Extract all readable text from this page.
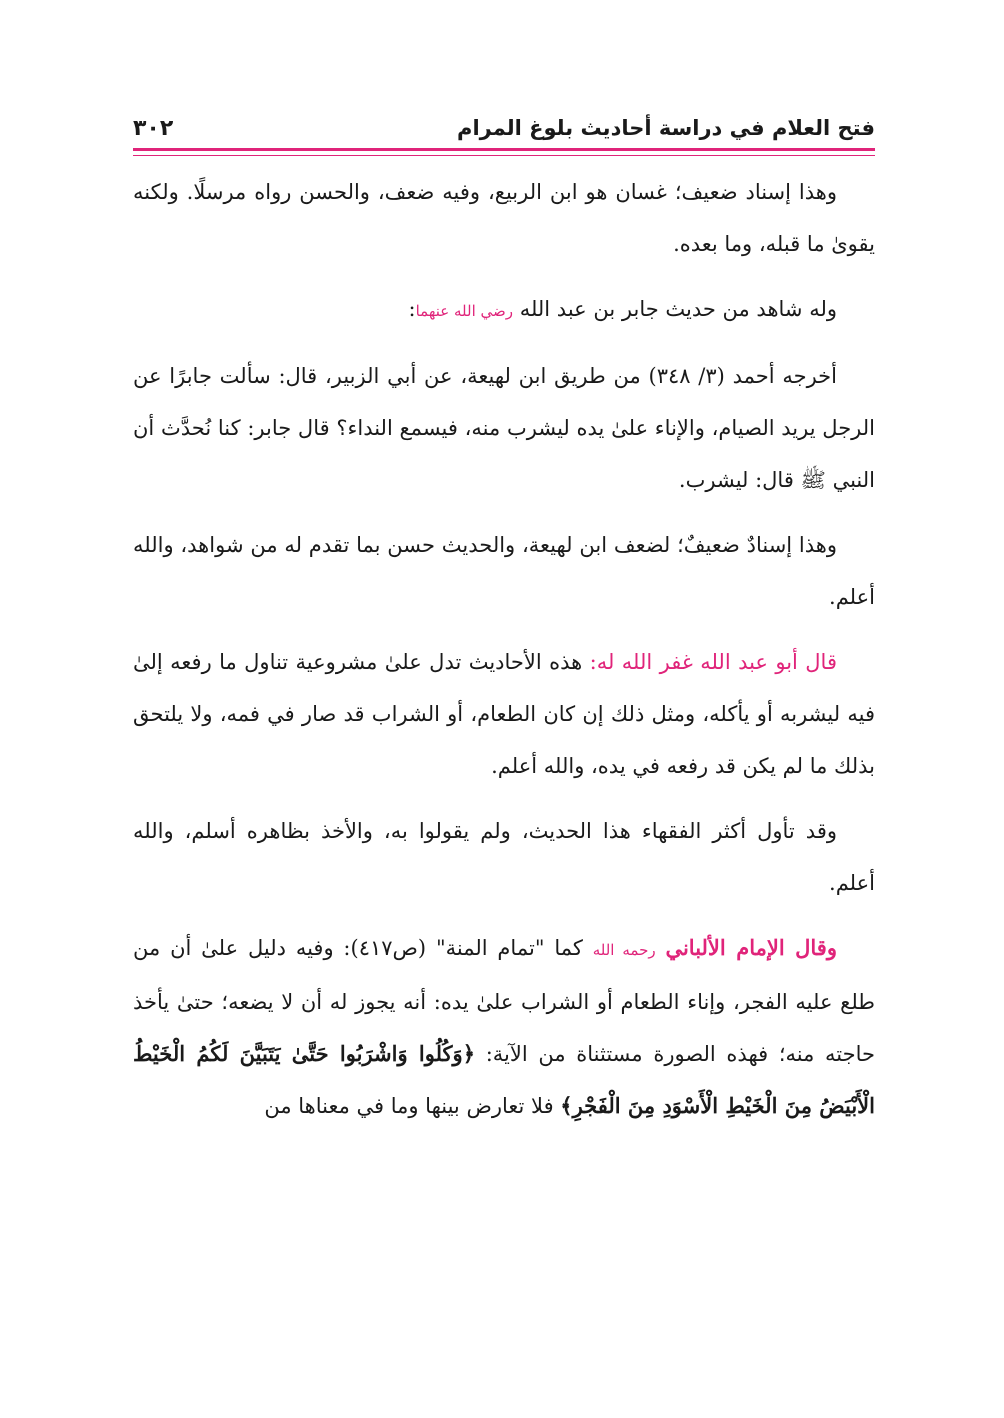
٣٠٢	فتح العلام في دراسة أحاديث بلوغ المرام

وهذا إسناد ضعيف؛ غسان هو ابن الربيع، وفيه ضعف، والحسن رواه مرسلًا. ولكنه يقوىٰ ما قبله، وما بعده.

وله شاهد من حديث جابر بن عبد الله رضي الله عنهما:

أخرجه أحمد (٣/ ٣٤٨) من طريق ابن لهيعة، عن أبي الزبير، قال: سألت جابرًا عن الرجل يريد الصيام، والإناء علىٰ يده ليشرب منه، فيسمع النداء؟ قال جابر: كنا نُحدَّث أن النبي ﷺ قال: ليشرب.

وهذا إسنادٌ ضعيفٌ؛ لضعف ابن لهيعة، والحديث حسن بما تقدم له من شواهد، والله أعلم.

قال أبو عبد الله غفر الله له: هذه الأحاديث تدل علىٰ مشروعية تناول ما رفعه إلىٰ فيه ليشربه أو يأكله، ومثل ذلك إن كان الطعام، أو الشراب قد صار في فمه، ولا يلتحق بذلك ما لم يكن قد رفعه في يده، والله أعلم.

وقد تأول أكثر الفقهاء هذا الحديث، ولم يقولوا به، والأخذ بظاهره أسلم، والله أعلم.

وقال الإمام الألباني رحمه الله كما "تمام المنة" (ص٤١٧): وفيه دليل علىٰ أن من طلع عليه الفجر، وإناء الطعام أو الشراب علىٰ يده: أنه يجوز له أن لا يضعه؛ حتىٰ يأخذ حاجته منه؛ فهذه الصورة مستثناة من الآية: ﴿وَكُلُوا وَاشْرَبُوا حَتَّىٰ يَتَبَيَّنَ لَكُمُ الْخَيْطُ الْأَبْيَضُ مِنَ الْخَيْطِ الْأَسْوَدِ مِنَ الْفَجْرِ﴾ فلا تعارض بينها وما في معناها من
